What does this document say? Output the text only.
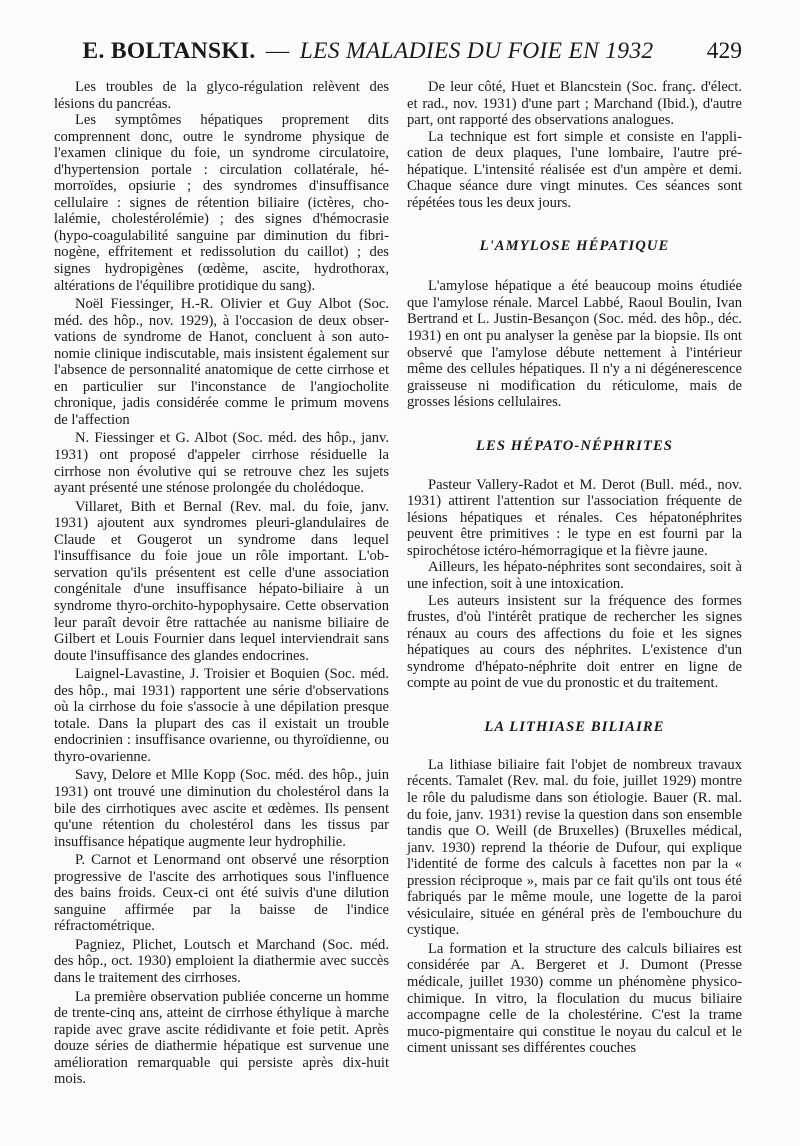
E. BOLTANSKI. — LES MALADIES DU FOIE EN 1932	429

Les troubles de la glyco-régulation relèvent des lésions du pancréas.

Les symptômes hépatiques proprement dits comprennent donc, outre le syndrome physique de l'examen clinique du foie, un syndrome circulatoire, d'hypertension portale : circulation collatérale, hémorroïdes, opsiurie ; des syndromes d'insuffisance cellulaire : signes de rétention biliaire (ictères, cholalémie, cholestérolémie) ; des signes d'hémocrasie (hypo-coagulabilité sanguine par diminution du fibrinogène, effritement et redissolution du caillot) ; des signes hydropigènes (œdème, ascite, hydrothorax, altérations de l'équilibre protidique du sang).

Noël Fiessinger, H.-R. Olivier et Guy Albot (Soc. méd. des hôp., nov. 1929), à l'occasion de deux observations de syndrome de Hanot, concluent à son autonomie clinique indiscutable, mais insistent également sur l'absence de personnalité anatomique de cette cirrhose et en particulier sur l'inconstance de l'angiocholite chronique, jadis considérée comme le primum movens de l'affection

N. Fiessinger et G. Albot (Soc. méd. des hôp., janv. 1931) ont proposé d'appeler cirrhose résiduelle la cirrhose non évolutive qui se retrouve chez les sujets ayant présenté une sténose prolongée du cholédoque.

Villaret, Bith et Bernal (Rev. mal. du foie, janv. 1931) ajoutent aux syndromes pleuri-glandulaires de Claude et Gougerot un syndrome dans lequel l'insuffisance du foie joue un rôle important. L'observation qu'ils présentent est celle d'une association congénitale d'une insuffisance hépato-biliaire à un syndrome thyro-orchito-hypophysaire. Cette observation leur paraît devoir être rattachée au nanisme biliaire de Gilbert et Louis Fournier dans lequel interviendrait sans doute l'insuffisance des glandes endocrines.

Laignel-Lavastine, J. Troisier et Boquien (Soc. méd. des hôp., mai 1931) rapportent une série d'observations où la cirrhose du foie s'associe à une dépilation presque totale. Dans la plupart des cas il existait un trouble endocrinien : insuffisance ovarienne, ou thyroïdienne, ou thyro-ovarienne.

Savy, Delore et Mlle Kopp (Soc. méd. des hôp., juin 1931) ont trouvé une diminution du cholestérol dans la bile des cirrhotiques avec ascite et œdèmes. Ils pensent qu'une rétention du cholestérol dans les tissus par insuffisance hépatique augmente leur hydrophilie.

P. Carnot et Lenormand ont observé une résorption progressive de l'ascite des arrhotiques sous l'influence des bains froids. Ceux-ci ont été suivis d'une dilution sanguine affirmée par la baisse de l'indice réfractométrique.

Pagniez, Plichet, Loutsch et Marchand (Soc. méd. des hôp., oct. 1930) emploient la diathermie avec succès dans le traitement des cirrhoses.

La première observation publiée concerne un homme de trente-cinq ans, atteint de cirrhose éthylique à marche rapide avec grave ascite rédidivante et foie petit. Après douze séries de diathermie hépatique est survenue une amélioration remarquable qui persiste après dix-huit mois.

De leur côté, Huet et Blancstein (Soc. franç. d'élect. et rad., nov. 1931) d'une part ; Marchand (Ibid.), d'autre part, ont rapporté des observations analogues.

La technique est fort simple et consiste en l'application de deux plaques, l'une lombaire, l'autre préhépatique. L'intensité réalisée est d'un ampère et demi. Chaque séance dure vingt minutes. Ces séances sont répétées tous les deux jours.

L'AMYLOSE HÉPATIQUE

L'amylose hépatique a été beaucoup moins étudiée que l'amylose rénale. Marcel Labbé, Raoul Boulin, Ivan Bertrand et L. Justin-Besançon (Soc. méd. des hôp., déc. 1931) en ont pu analyser la genèse par la biopsie. Ils ont observé que l'amylose débute nettement à l'intérieur même des cellules hépatiques. Il n'y a ni dégénerescence graisseuse ni modification du réticulome, mais de grosses lésions cellulaires.

LES HÉPATO-NÉPHRITES

Pasteur Vallery-Radot et M. Derot (Bull. méd., nov. 1931) attirent l'attention sur l'association fréquente de lésions hépatiques et rénales. Ces hépatonéphrites peuvent être primitives : le type en est fourni par la spirochétose ictéro-hémorragique et la fièvre jaune.

Ailleurs, les hépato-néphrites sont secondaires, soit à une infection, soit à une intoxication.

Les auteurs insistent sur la fréquence des formes frustes, d'où l'intérêt pratique de rechercher les signes rénaux au cours des affections du foie et les signes hépatiques au cours des néphrites. L'existence d'un syndrome d'hépato-néphrite doit entrer en ligne de compte au point de vue du pronostic et du traitement.

LA LITHIASE BILIAIRE

La lithiase biliaire fait l'objet de nombreux travaux récents. Tamalet (Rev. mal. du foie, juillet 1929) montre le rôle du paludisme dans son étiologie. Bauer (R. mal. du foie, janv. 1931) revise la question dans son ensemble tandis que O. Weill (de Bruxelles) (Bruxelles médical, janv. 1930) reprend la théorie de Dufour, qui explique l'identité de forme des calculs à facettes non par la « pression réciproque », mais par ce fait qu'ils ont tous été fabriqués par le même moule, une logette de la paroi vésiculaire, située en général près de l'embouchure du cystique.

La formation et la structure des calculs biliaires est considérée par A. Bergeret et J. Dumont (Presse médicale, juillet 1930) comme un phénomène physico-chimique. In vitro, la floculation du mucus biliaire accompagne celle de la cholestérine. C'est la trame muco-pigmentaire qui constitue le noyau du calcul et le ciment unissant ses différentes couches
